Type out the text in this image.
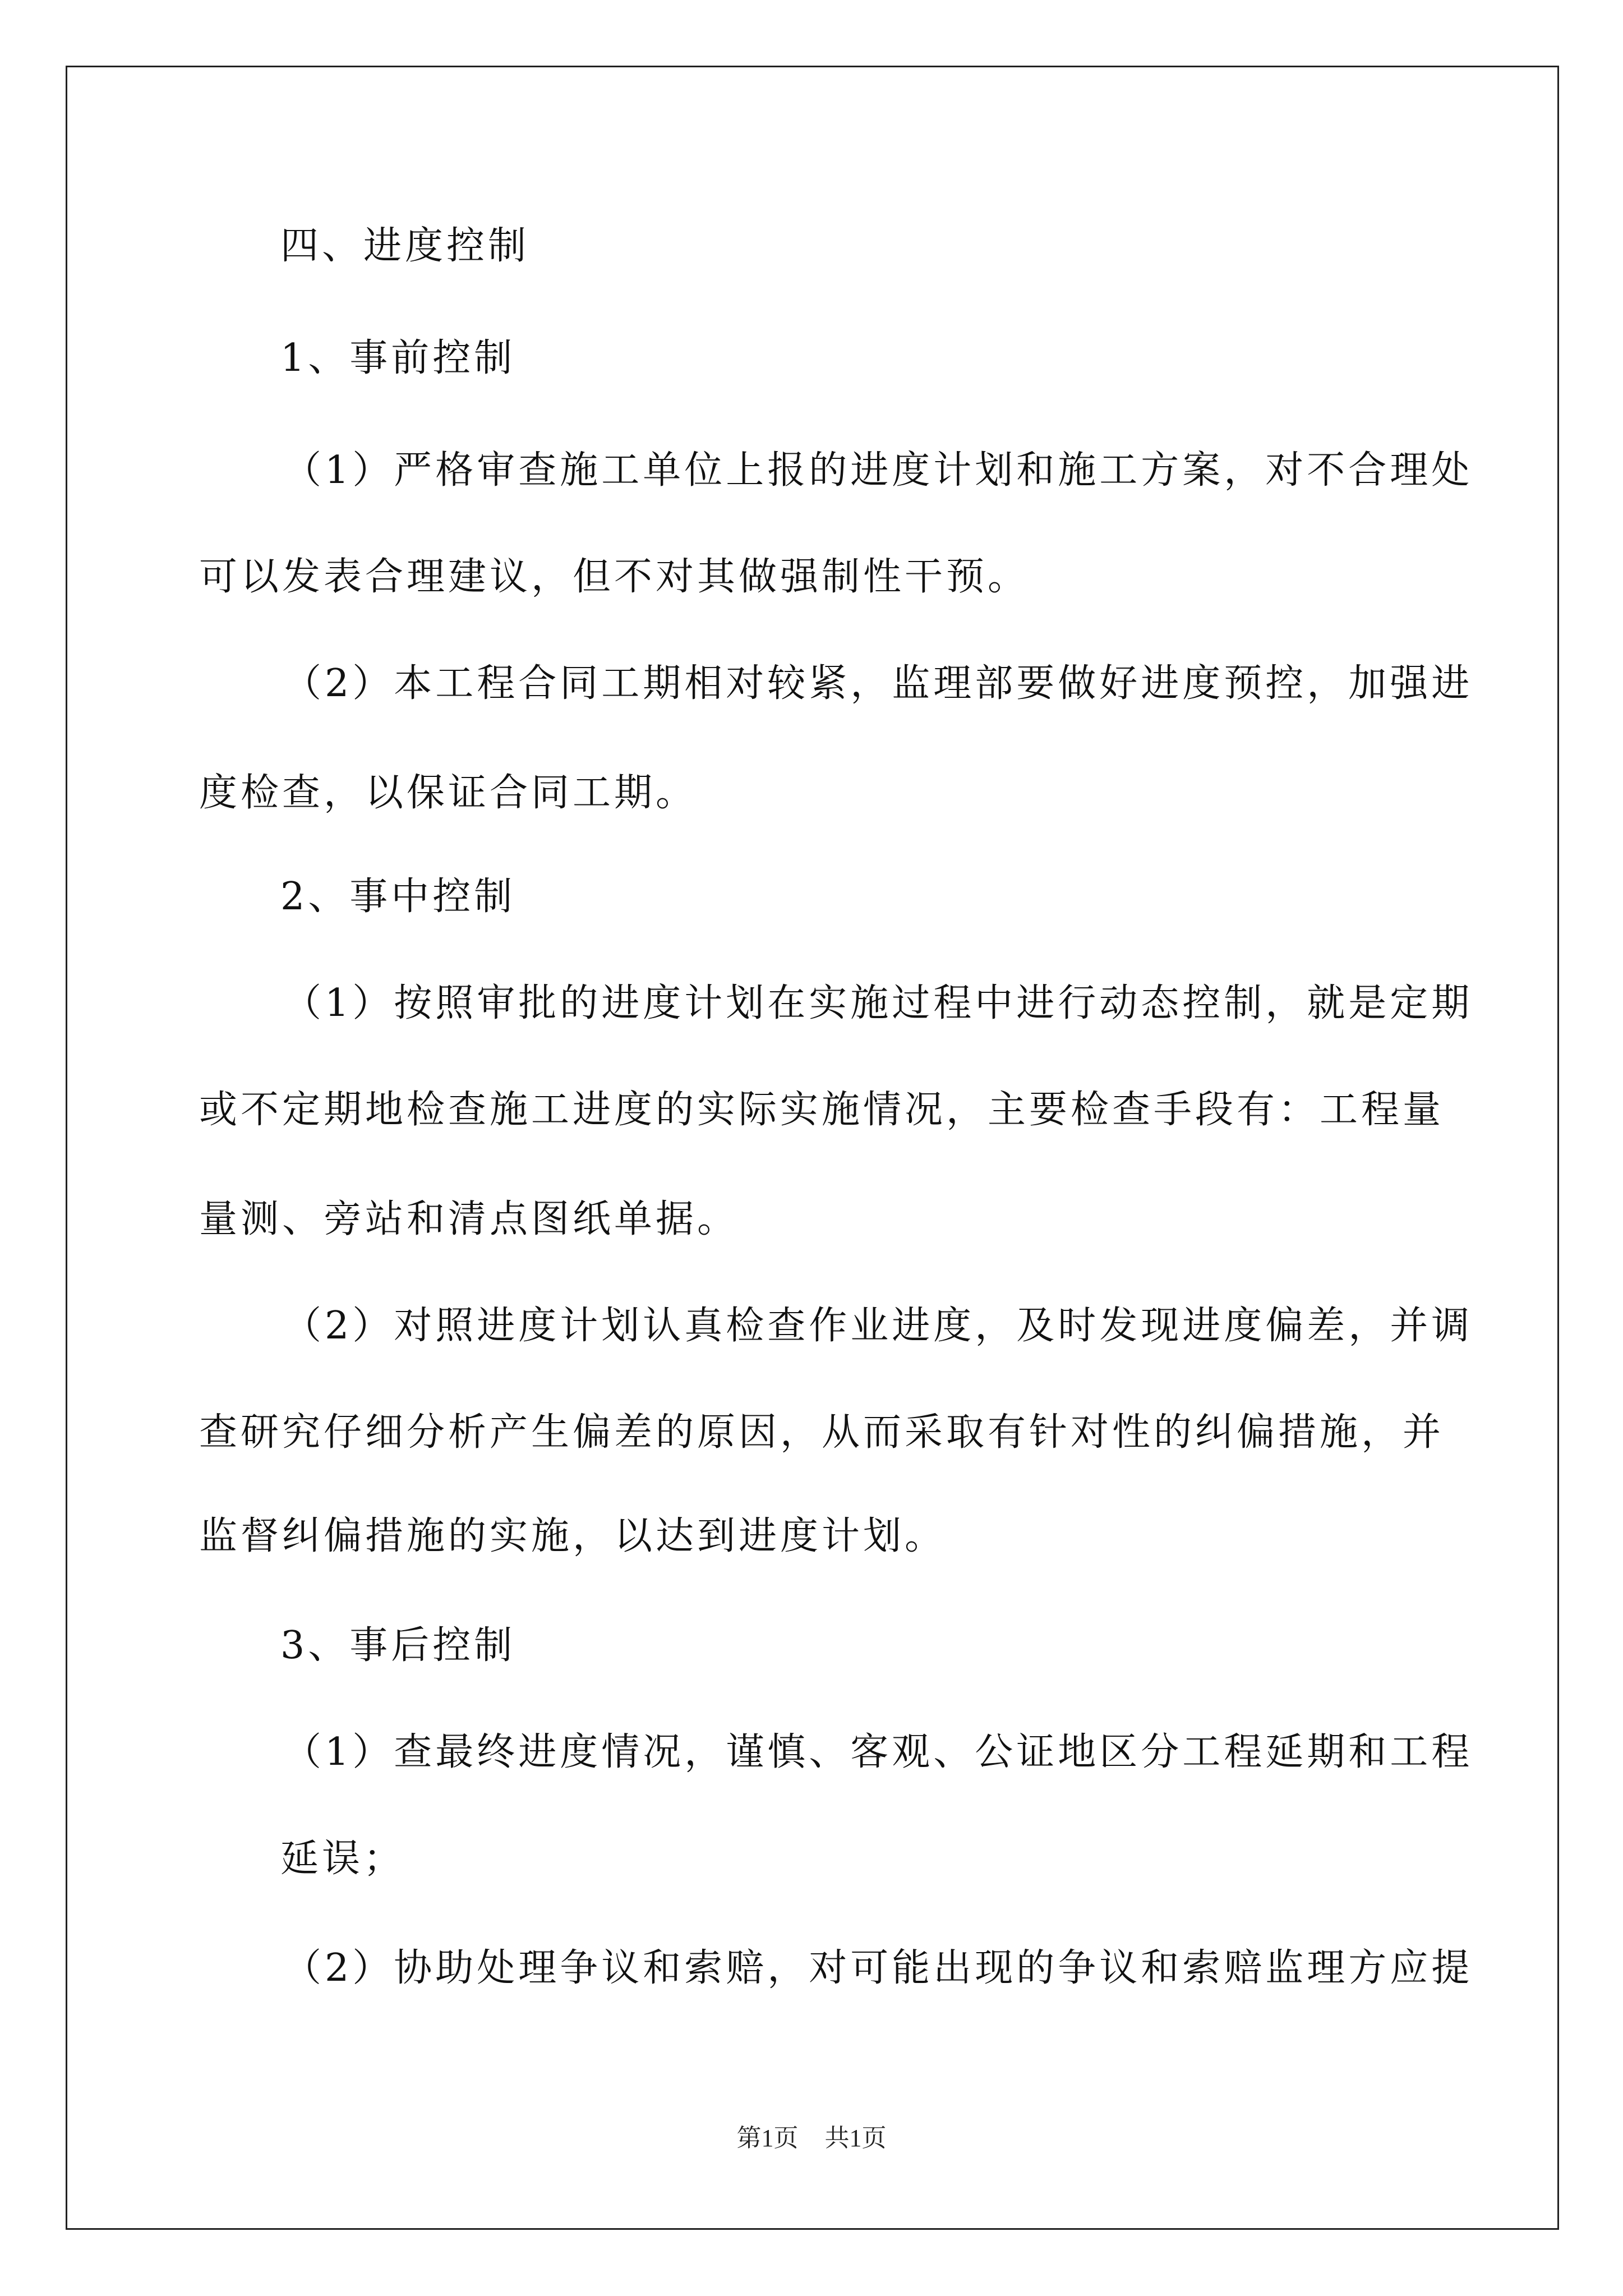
四、进度控制
1、事前控制
（1）严格审查施工单位上报的进度计划和施工方案，对不合理处
可以发表合理建议，但不对其做强制性干预。
（2）本工程合同工期相对较紧，监理部要做好进度预控，加强进
度检查，以保证合同工期。
2、事中控制
（1）按照审批的进度计划在实施过程中进行动态控制，就是定期
或不定期地检查施工进度的实际实施情况，主要检查手段有：工程量
量测、旁站和清点图纸单据。
（2）对照进度计划认真检查作业进度，及时发现进度偏差，并调
查研究仔细分析产生偏差的原因，从而采取有针对性的纠偏措施，并
监督纠偏措施的实施，以达到进度计划。
3、事后控制
（1）查最终进度情况，谨慎、客观、公证地区分工程延期和工程
延误；
（2）协助处理争议和索赔，对可能出现的争议和索赔监理方应提
第1页 共1页
